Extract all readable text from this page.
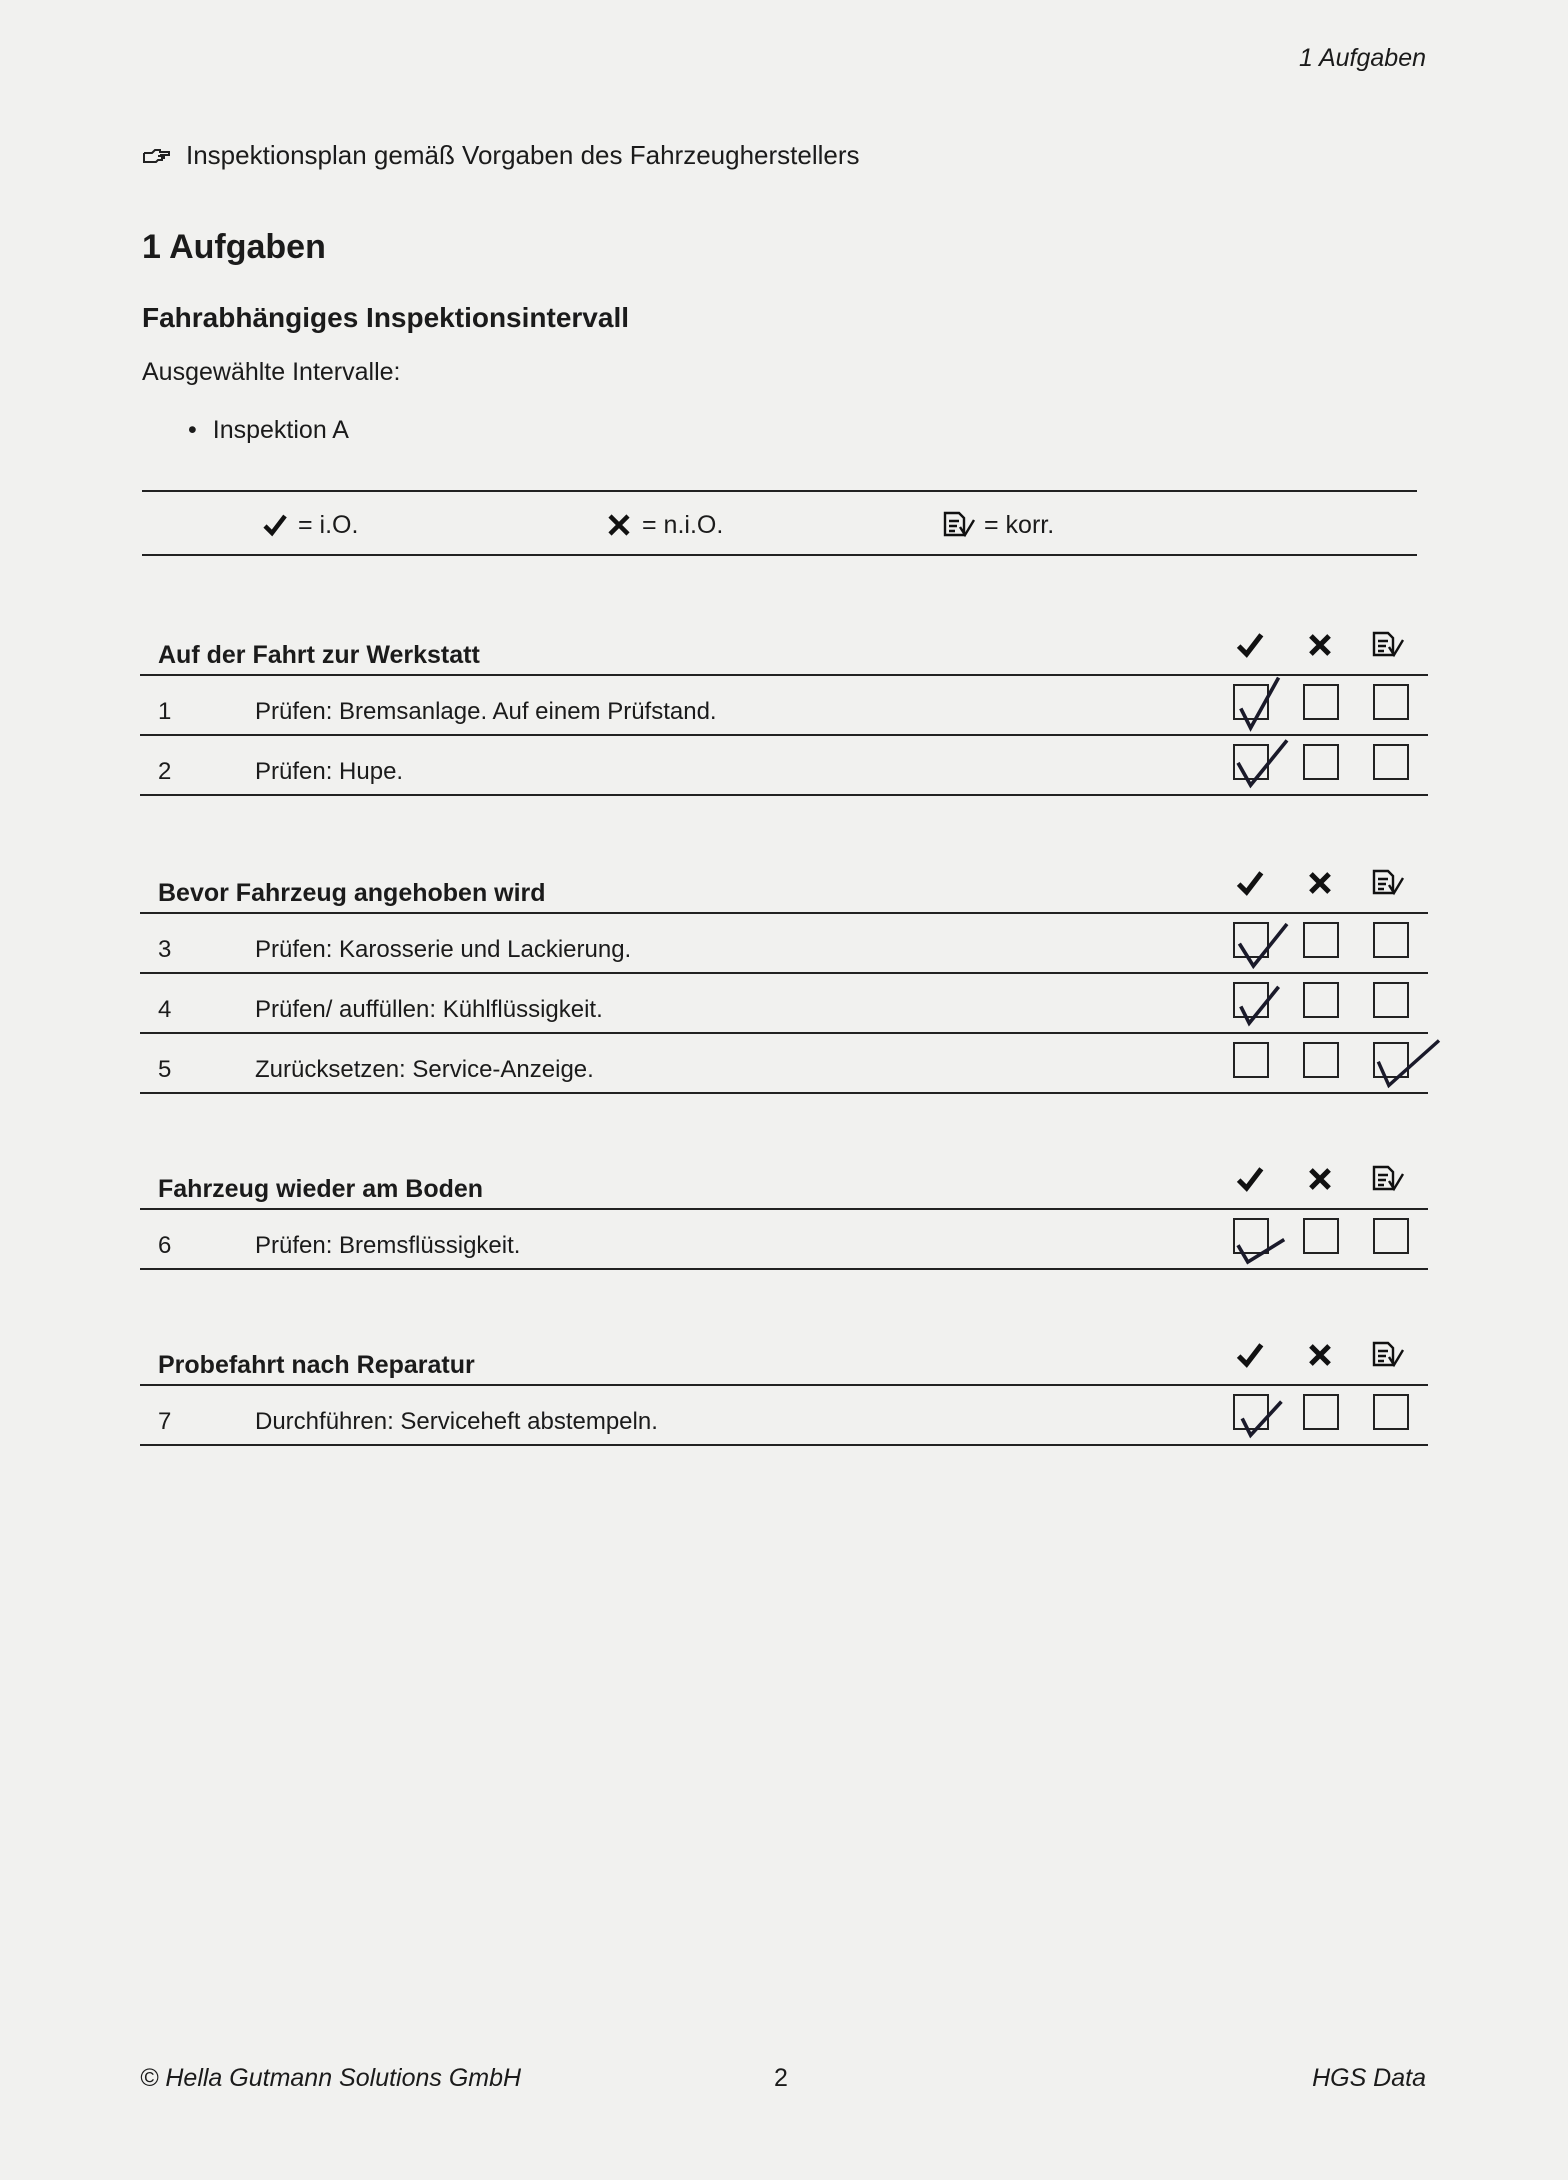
1 Aufgaben
Inspektionsplan gemäß Vorgaben des Fahrzeugherstellers
1 Aufgaben
Fahrabhängiges Inspektionsintervall
Ausgewählte Intervalle:
• Inspektion A
= i.O.	= n.i.O.	= korr.
Auf der Fahrt zur Werkstatt
1	Prüfen: Bremsanlage. Auf einem Prüfstand.
2	Prüfen: Hupe.
Bevor Fahrzeug angehoben wird
3	Prüfen: Karosserie und Lackierung.
4	Prüfen/ auffüllen: Kühlflüssigkeit.
5	Zurücksetzen: Service-Anzeige.
Fahrzeug wieder am Boden
6	Prüfen: Bremsflüssigkeit.
Probefahrt nach Reparatur
7	Durchführen: Serviceheft abstempeln.
© Hella Gutmann Solutions GmbH	2	HGS Data
